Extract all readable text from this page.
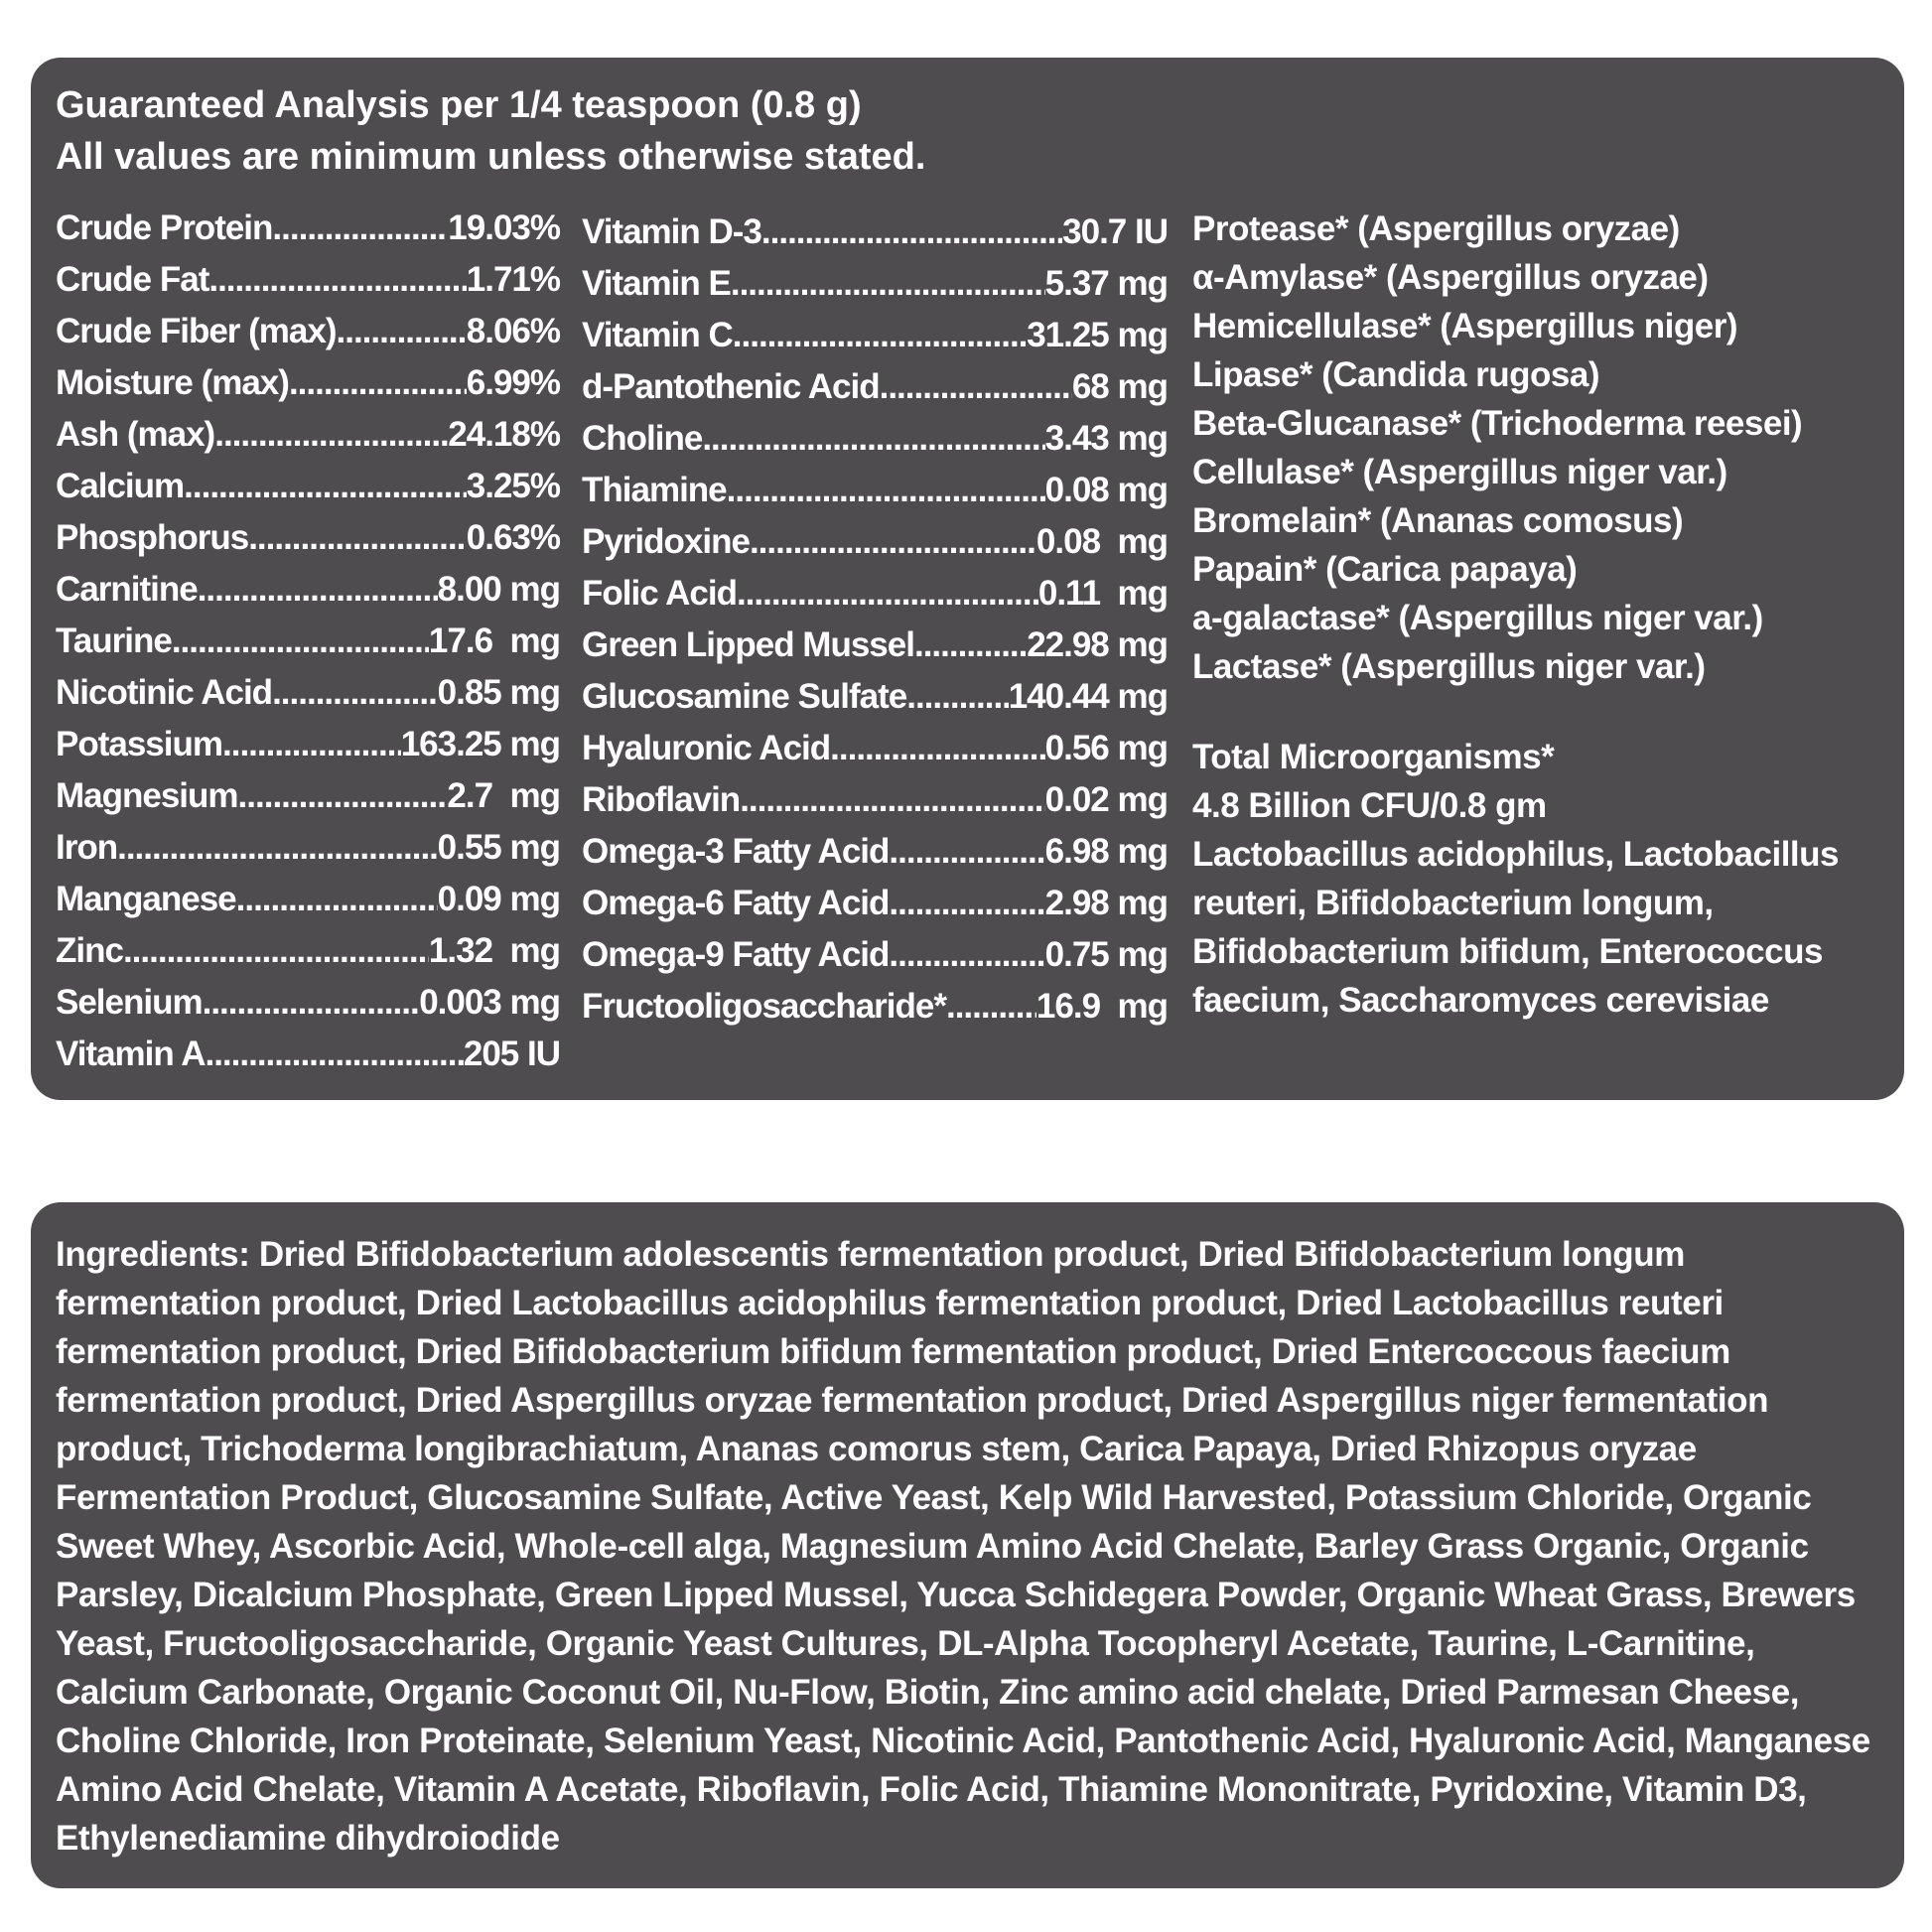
Guaranteed Analysis per 1/4 teaspoon (0.8 g)
All values are minimum unless otherwise stated.
Crude Protein .....	19.03%
Crude Fat .....	1.71%
Crude Fiber (max) .....	8.06%
Moisture (max) .....	6.99%
Ash (max) .....	24.18%
Calcium .....	3.25%
Phosphorus .....	0.63%
Carnitine .....	8.00 mg
Taurine .....	17.6  mg
Nicotinic Acid .....	0.85 mg
Potassium .....	163.25 mg
Magnesium .....	2.7  mg
Iron .....	0.55 mg
Manganese .....	0.09 mg
Zinc .....	1.32  mg
Selenium .....	0.003 mg
Vitamin A .....	205 IU
Vitamin D-3 .....	30.7 IU
Vitamin E .....	5.37 mg
Vitamin C .....	31.25 mg
d-Pantothenic Acid .....	68 mg
Choline .....	3.43 mg
Thiamine .....	0.08 mg
Pyridoxine .....	0.08  mg
Folic Acid .....	0.11  mg
Green Lipped Mussel .....	22.98 mg
Glucosamine Sulfate .....	140.44 mg
Hyaluronic Acid .....	0.56 mg
Riboflavin .....	0.02 mg
Omega-3 Fatty Acid .....	6.98 mg
Omega-6 Fatty Acid .....	2.98 mg
Omega-9 Fatty Acid .....	0.75 mg
Fructooligosaccharide* .....	16.9  mg
Protease* (Aspergillus oryzae)
α-Amylase* (Aspergillus oryzae)
Hemicellulase* (Aspergillus niger)
Lipase* (Candida rugosa)
Beta-Glucanase* (Trichoderma reesei)
Cellulase* (Aspergillus niger var.)
Bromelain* (Ananas comosus)
Papain* (Carica papaya)
a-galactase* (Aspergillus niger var.)
Lactase* (Aspergillus niger var.)
Total Microorganisms*
4.8 Billion CFU/0.8 gm
Lactobacillus acidophilus, Lactobacillus
reuteri, Bifidobacterium longum,
Bifidobacterium bifidum, Enterococcus
faecium, Saccharomyces cerevisiae

Ingredients: Dried Bifidobacterium adolescentis fermentation product, Dried Bifidobacterium longum fermentation product, Dried Lactobacillus acidophilus fermentation product, Dried Lactobacillus reuteri fermentation product, Dried Bifidobacterium bifidum fermentation product, Dried Entercoccous faecium fermentation product, Dried Aspergillus oryzae fermentation product, Dried Aspergillus niger fermentation product, Trichoderma longibrachiatum, Ananas comorus stem, Carica Papaya, Dried Rhizopus oryzae Fermentation Product, Glucosamine Sulfate, Active Yeast, Kelp Wild Harvested, Potassium Chloride, Organic Sweet Whey, Ascorbic Acid, Whole-cell alga, Magnesium Amino Acid Chelate, Barley Grass Organic, Organic Parsley, Dicalcium Phosphate, Green Lipped Mussel, Yucca Schidegera Powder, Organic Wheat Grass, Brewers Yeast, Fructooligosaccharide, Organic Yeast Cultures, DL-Alpha Tocopheryl Acetate, Taurine, L-Carnitine, Calcium Carbonate, Organic Coconut Oil, Nu-Flow, Biotin, Zinc amino acid chelate, Dried Parmesan Cheese, Choline Chloride, Iron Proteinate, Selenium Yeast, Nicotinic Acid, Pantothenic Acid, Hyaluronic Acid, Manganese Amino Acid Chelate, Vitamin A Acetate, Riboflavin, Folic Acid, Thiamine Mononitrate, Pyridoxine, Vitamin D3, Ethylenediamine dihydroiodide
